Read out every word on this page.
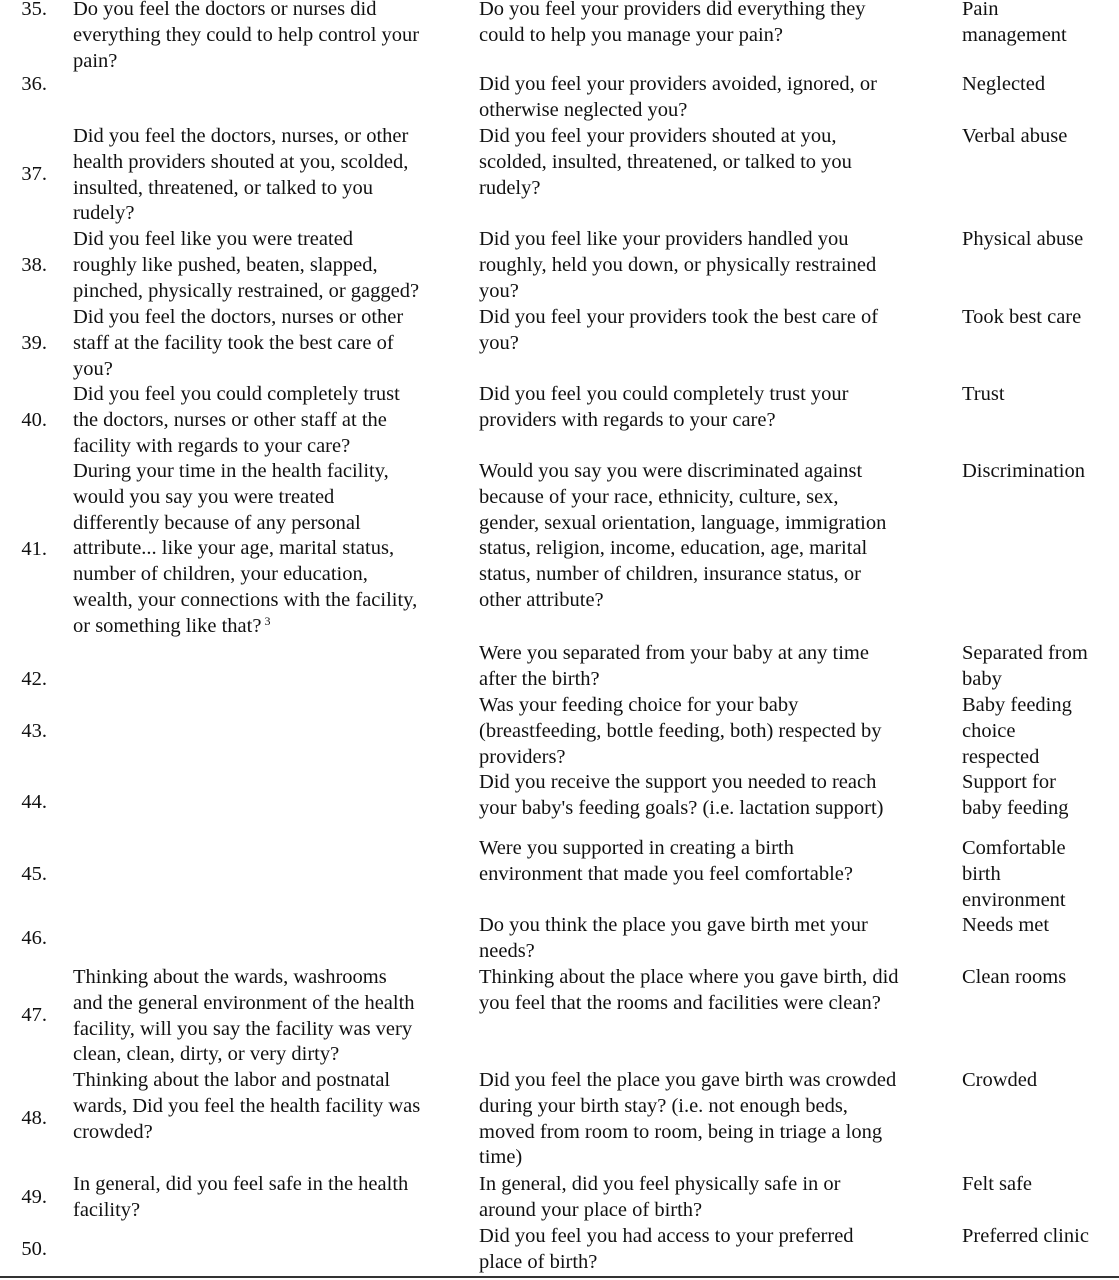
35. Do you feel the doctors or nurses did
everything they could to help control your
pain?
Do you feel your providers did everything they
could to help you manage your pain?
Pain
management
36.	Did you feel your providers avoided, ignored, or
otherwise neglected you?
Neglected
37.
Did you feel the doctors, nurses, or other
health providers shouted at you, scolded,
insulted, threatened, or talked to you
rudely?
Did you feel your providers shouted at you,
scolded, insulted, threatened, or talked to you
rudely?
Verbal abuse
38.
Did you feel like you were treated
roughly like pushed, beaten, slapped,
pinched, physically restrained, or gagged?
Did you feel like your providers handled you
roughly, held you down, or physically restrained
you?
Physical abuse
39.
Did you feel the doctors, nurses or other
staff at the facility took the best care of
you?
Did you feel your providers took the best care of
you?
Took best care
40.
Did you feel you could completely trust
the doctors, nurses or other staff at the
facility with regards to your care?
Did you feel you could completely trust your
providers with regards to your care?
Trust
41.
During your time in the health facility,
would you say you were treated
differently because of any personal
attribute... like your age, marital status,
number of children, your education,
wealth, your connections with the facility,
or something like that? $^3$
Would you say you were discriminated against
because of your race, ethnicity, culture, sex,
gender, sexual orientation, language, immigration
status, religion, income, education, age, marital
status, number of children, insurance status, or
other attribute?
Discrimination
42.
Were you separated from your baby at any time
after the birth?
Separated from
baby
43.
Was your feeding choice for your baby
(breastfeeding, bottle feeding, both) respected by
providers?
Baby feeding
choice
respected
44.
Did you receive the support you needed to reach
your baby's feeding goals? (i.e. lactation support)
Support for
baby feeding
45.
Were you supported in creating a birth
environment that made you feel comfortable?
Comfortable
birth
environment
46.
Do you think the place you gave birth met your
needs?
Needs met
47.
Thinking about the wards, washrooms
and the general environment of the health
facility, will you say the facility was very
clean, clean, dirty, or very dirty?
Thinking about the place where you gave birth, did
you feel that the rooms and facilities were clean?
Clean rooms
48.
Thinking about the labor and postnatal
wards, Did you feel the health facility was
crowded?
Did you feel the place you gave birth was crowded
during your birth stay? (i.e. not enough beds,
moved from room to room, being in triage a long
time)
Crowded
49.
In general, did you feel safe in the health
facility?
In general, did you feel physically safe in or
around your place of birth?
Felt safe
50.
Did you feel you had access to your preferred
place of birth?
Preferred clinic
